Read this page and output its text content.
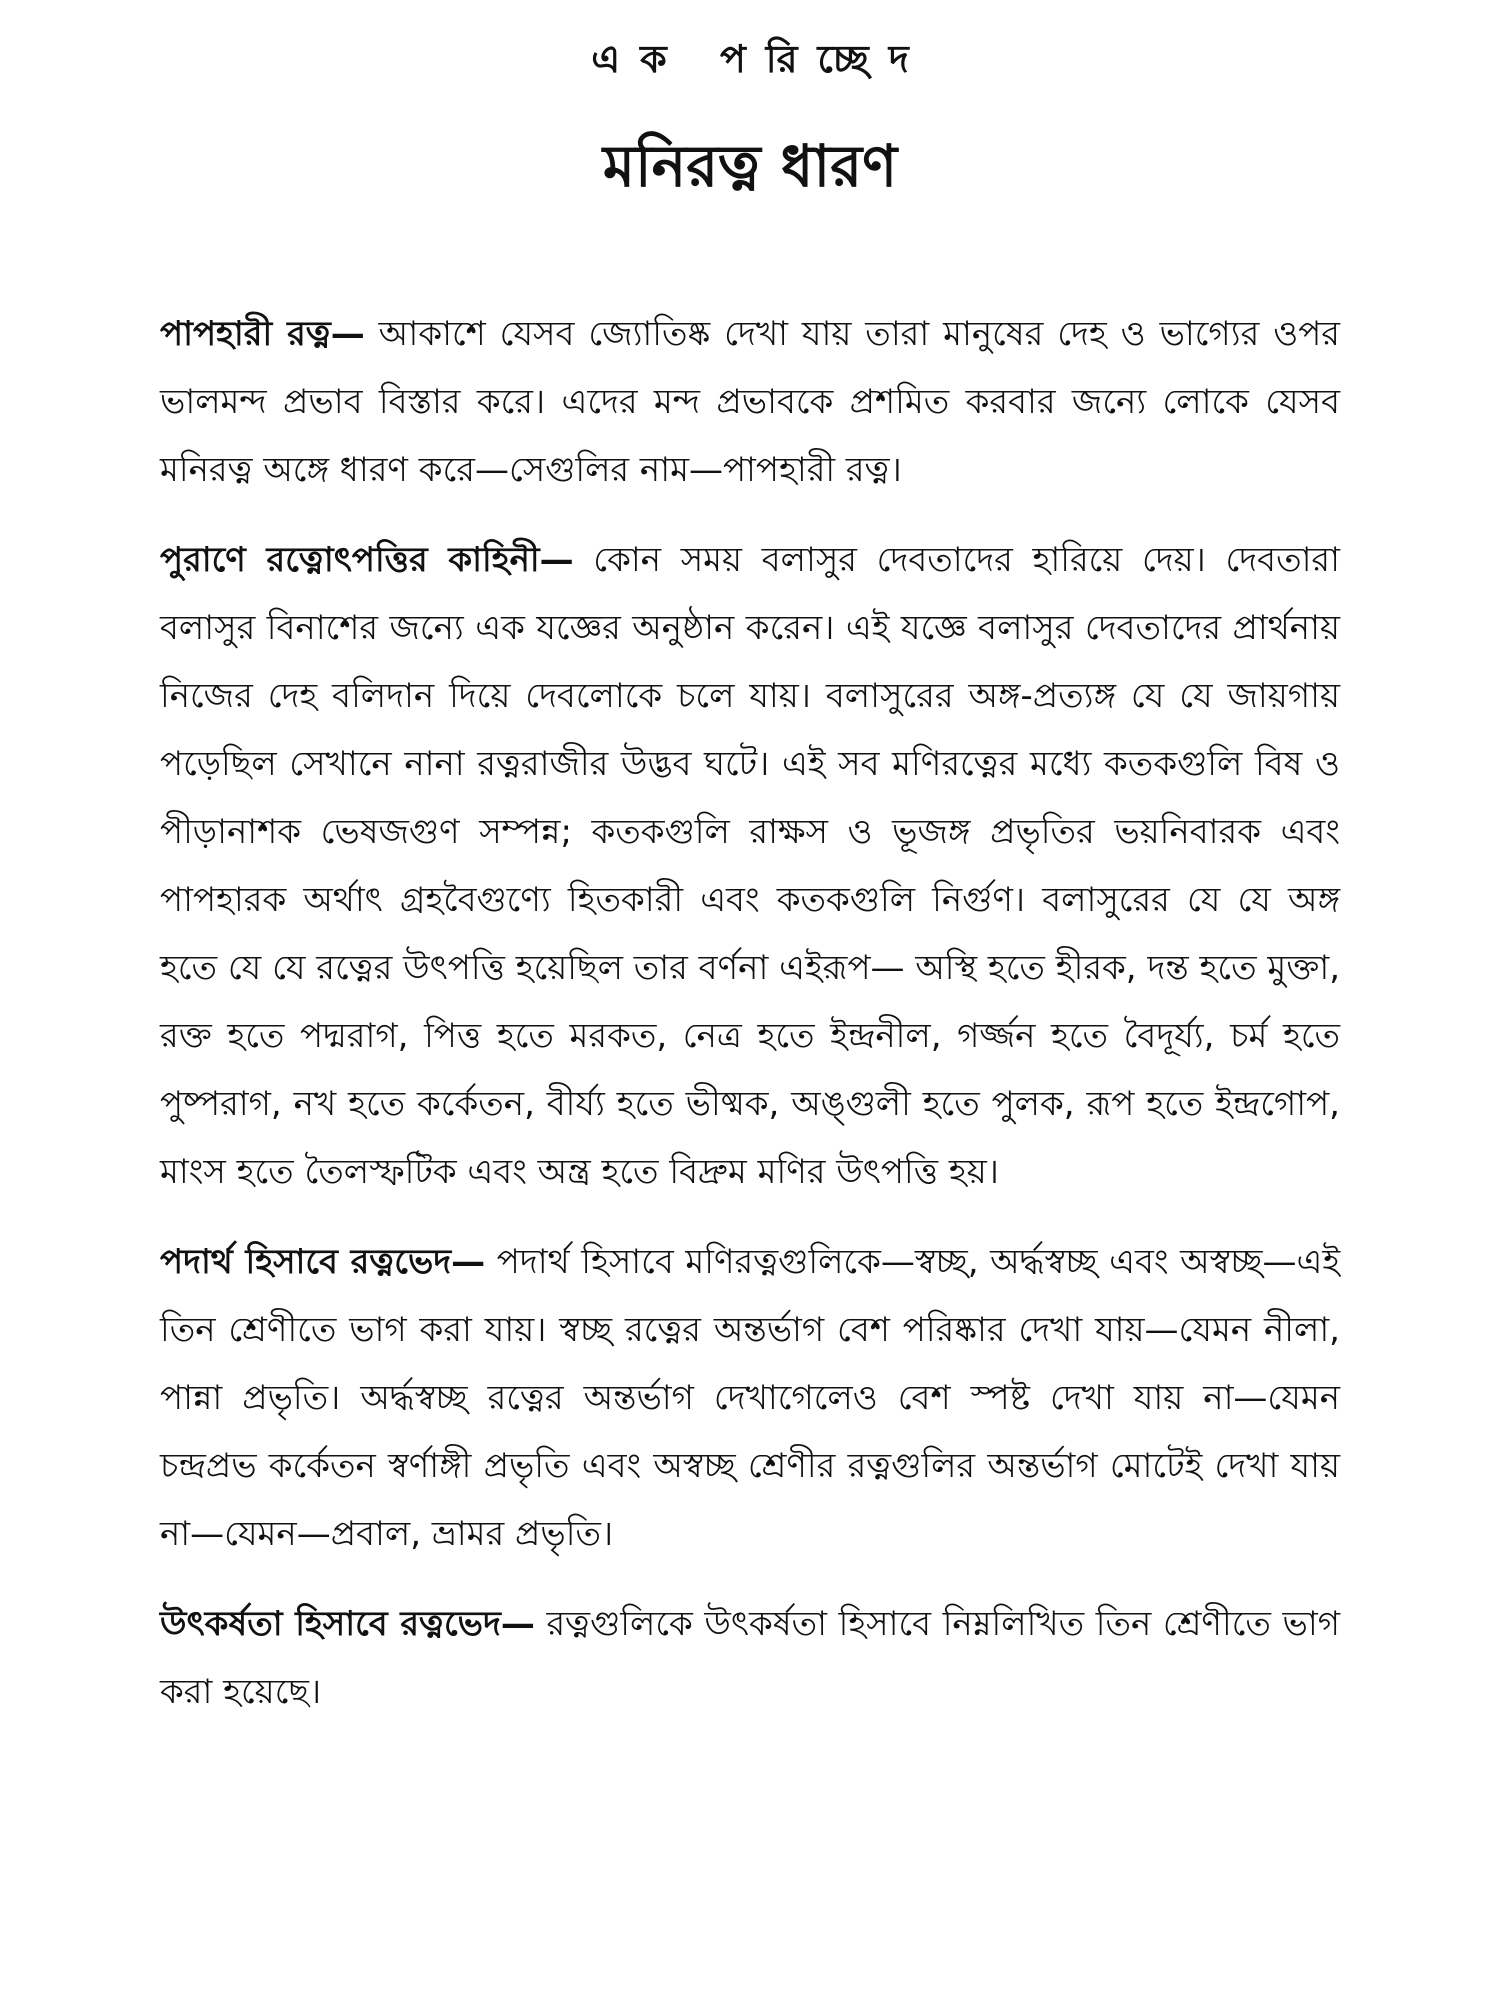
এক পরিচ্ছেদ
মনিরত্ন ধারণ

পাপহারী রত্ন— আকাশে যেসব জ্যোতিষ্ক দেখা যায় তারা মানুষের দেহ ও ভাগ্যের ওপর ভালমন্দ প্রভাব বিস্তার করে। এদের মন্দ প্রভাবকে প্রশমিত করবার জন্যে লোকে যেসব মনিরত্ন অঙ্গে ধারণ করে—সেগুলির নাম—পাপহারী রত্ন।

পুরাণে রত্নোৎপত্তির কাহিনী— কোন সময় বলাসুর দেবতাদের হারিয়ে দেয়। দেবতারা বলাসুর বিনাশের জন্যে এক যজ্ঞের অনুষ্ঠান করেন। এই যজ্ঞে বলাসুর দেবতাদের প্রার্থনায় নিজের দেহ বলিদান দিয়ে দেবলোকে চলে যায়। বলাসুরের অঙ্গ-প্রত্যঙ্গ যে যে জায়গায় পড়েছিল সেখানে নানা রত্নরাজীর উদ্ভব ঘটে। এই সব মণিরত্নের মধ্যে কতকগুলি বিষ ও পীড়ানাশক ভেষজগুণ সম্পন্ন; কতকগুলি রাক্ষস ও ভূজঙ্গ প্রভৃতির ভয়নিবারক এবং পাপহারক অর্থাৎ গ্রহবৈগুণ্যে হিতকারী এবং কতকগুলি নির্গুণ। বলাসুরের যে যে অঙ্গ হতে যে যে রত্নের উৎপত্তি হয়েছিল তার বর্ণনা এইরূপ— অস্থি হতে হীরক, দন্ত হতে মুক্তা, রক্ত হতে পদ্মরাগ, পিত্ত হতে মরকত, নেত্র হতে ইন্দ্রনীল, গর্জ্জন হতে বৈদূর্য্য, চর্ম হতে পুষ্পরাগ, নখ হতে কর্কেতন, বীর্য্য হতে ভীষ্মক, অঙ্গুলী হতে পুলক, রূপ হতে ইন্দ্রগোপ, মাংস হতে তৈলস্ফটিক এবং অন্ত্র হতে বিদ্রুম মণির উৎপত্তি হয়।

পদার্থ হিসাবে রত্নভেদ— পদার্থ হিসাবে মণিরত্নগুলিকে—স্বচ্ছ, অর্দ্ধস্বচ্ছ এবং অস্বচ্ছ—এই তিন শ্রেণীতে ভাগ করা যায়। স্বচ্ছ রত্নের অন্তর্ভাগ বেশ পরিষ্কার দেখা যায়—যেমন নীলা, পান্না প্রভৃতি। অর্দ্ধস্বচ্ছ রত্নের অন্তর্ভাগ দেখাগেলেও বেশ স্পষ্ট দেখা যায় না—যেমন চন্দ্রপ্রভ কর্কেতন স্বর্ণাঙ্গী প্রভৃতি এবং অস্বচ্ছ শ্রেণীর রত্নগুলির অন্তর্ভাগ মোটেই দেখা যায় না—যেমন—প্রবাল, ভ্রামর প্রভৃতি।

উৎকর্ষতা হিসাবে রত্নভেদ— রত্নগুলিকে উৎকর্ষতা হিসাবে নিম্নলিখিত তিন শ্রেণীতে ভাগ করা হয়েছে।
